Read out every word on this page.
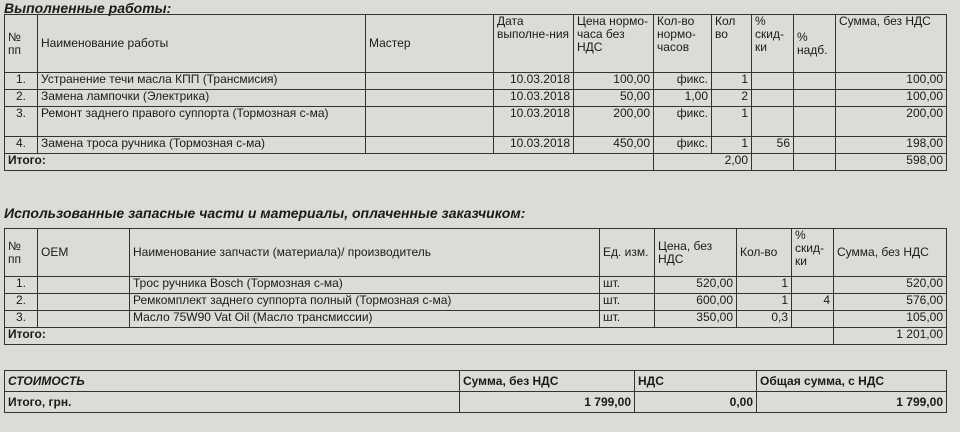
Выполненные работы:
№ пп	Наименование работы	Мастер	Дата выполне-ния	Цена нормо-часа без НДС	Кол-во нормо-часов	Кол во	% скид-ки	% надб.	Сумма, без НДС
1.	Устранение течи масла КПП (Трансмисия)		10.03.2018	100,00	фикс.	1			100,00
2.	Замена лампочки (Электрика)		10.03.2018	50,00	1,00	2			100,00
3.	Ремонт заднего правого суппорта (Тормозная с-ма)		10.03.2018	200,00	фикс.	1			200,00
4.	Замена троса ручника (Тормозная с-ма)		10.03.2018	450,00	фикс.	1	56		198,00
Итого:					2,00				598,00
Использованные запасные части и материалы, оплаченные заказчиком:
№ пп	OEM	Наименование запчасти (материала)/ производитель	Ед. изм.	Цена, без НДС	Кол-во	% скид-ки	Сумма, без НДС
1.		Трос ручника Bosch (Тормозная с-ма)	шт.	520,00	1		520,00
2.		Ремкомплект заднего суппорта полный (Тормозная с-ма)	шт.	600,00	1	4	576,00
3.		Масло 75W90 Vat Oil (Масло трансмиссии)	шт.	350,00	0,3		105,00
Итого:							1 201,00
СТОИМОСТЬ	Сумма, без НДС	НДС	Общая сумма, с НДС
Итого, грн.	1 799,00	0,00	1 799,00
